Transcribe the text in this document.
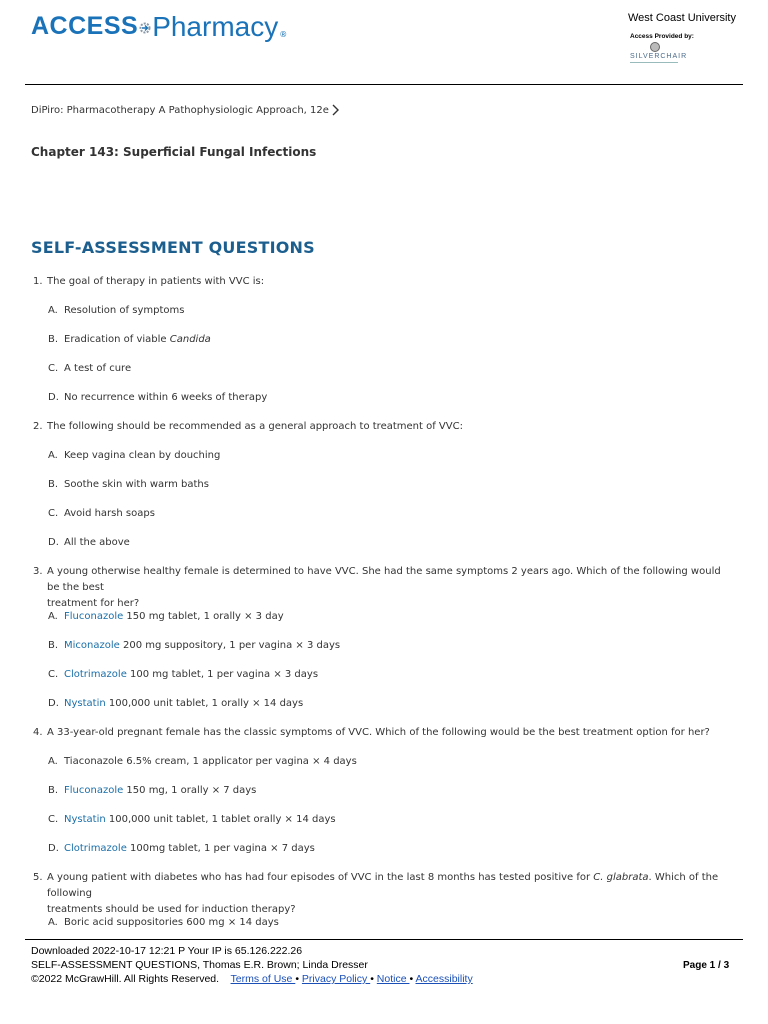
ACCESS Pharmacy ®
West Coast University
Access Provided by:
SILVERCHAIR
DiPiro: Pharmacotherapy A Pathophysiologic Approach, 12e
Chapter 143: Superficial Fungal Infections
SELF-ASSESSMENT QUESTIONS
1. The goal of therapy in patients with VVC is:
A. Resolution of symptoms
B. Eradication of viable Candida
C. A test of cure
D. No recurrence within 6 weeks of therapy
2. The following should be recommended as a general approach to treatment of VVC:
A. Keep vagina clean by douching
B. Soothe skin with warm baths
C. Avoid harsh soaps
D. All the above
3. A young otherwise healthy female is determined to have VVC. She had the same symptoms 2 years ago. Which of the following would be the best
treatment for her?
A. Fluconazole 150 mg tablet, 1 orally × 3 day
B. Miconazole 200 mg suppository, 1 per vagina × 3 days
C. Clotrimazole 100 mg tablet, 1 per vagina × 3 days
D. Nystatin 100,000 unit tablet, 1 orally × 14 days
4. A 33-year-old pregnant female has the classic symptoms of VVC. Which of the following would be the best treatment option for her?
A. Tiaconazole 6.5% cream, 1 applicator per vagina × 4 days
B. Fluconazole 150 mg, 1 orally × 7 days
C. Nystatin 100,000 unit tablet, 1 tablet orally × 14 days
D. Clotrimazole 100mg tablet, 1 per vagina × 7 days
5. A young patient with diabetes who has had four episodes of VVC in the last 8 months has tested positive for C. glabrata. Which of the following
treatments should be used for induction therapy?
A. Boric acid suppositories 600 mg × 14 days
Downloaded 2022-10-17 12:21 P Your IP is 65.126.222.26
SELF-ASSESSMENT QUESTIONS, Thomas E.R. Brown; Linda Dresser
©2022 McGrawHill. All Rights Reserved. Terms of Use • Privacy Policy • Notice • Accessibility
Page 1 / 3
